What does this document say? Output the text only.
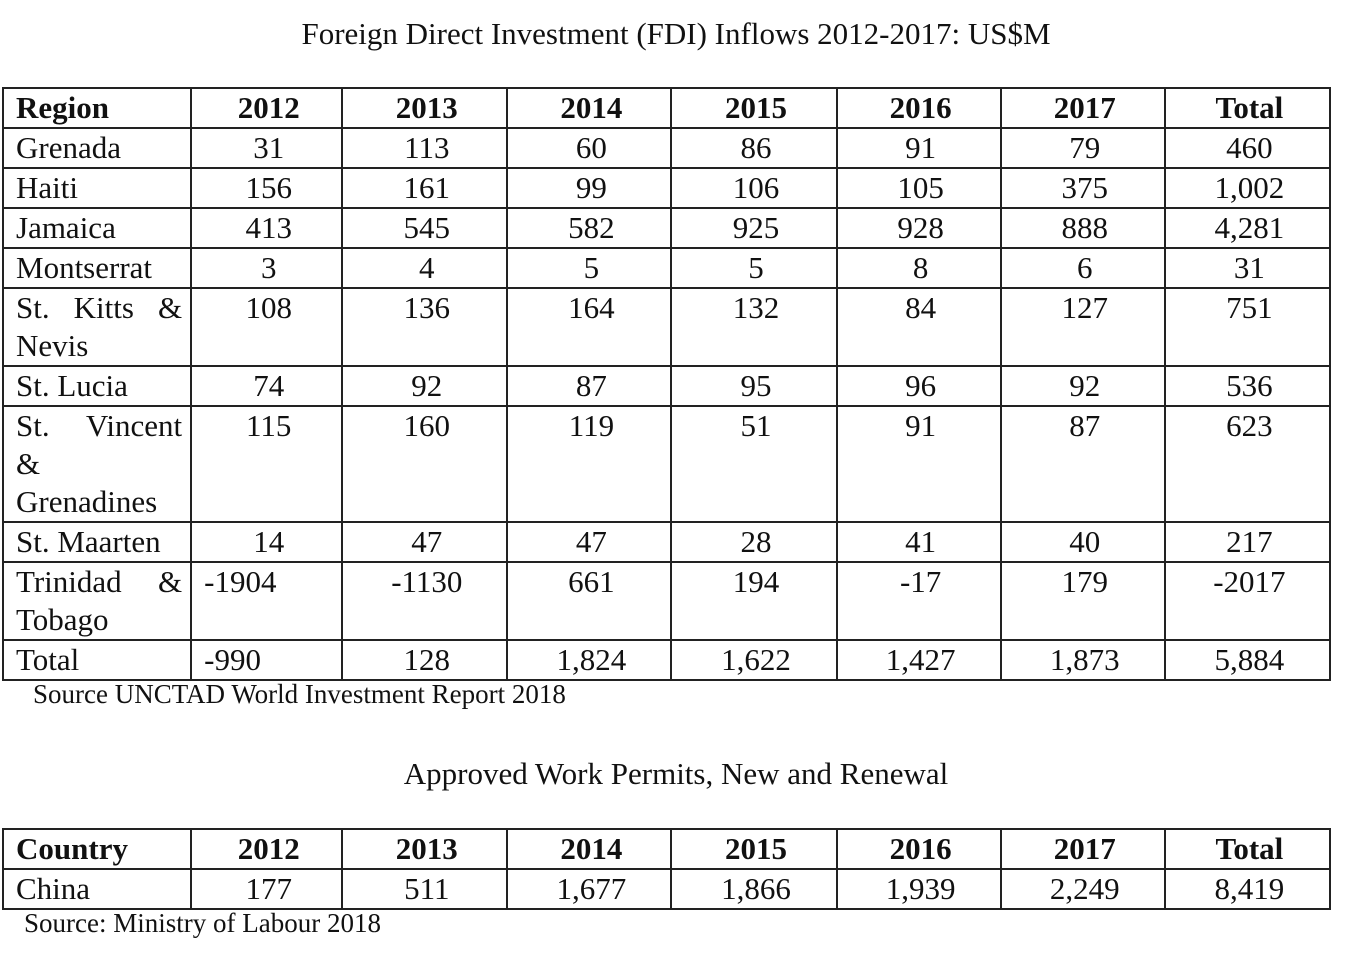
Foreign Direct Investment (FDI) Inflows 2012-2017: US$M
Region	2012	2013	2014	2015	2016	2017	Total
Grenada	31	113	60	86	91	79	460
Haiti	156	161	99	106	105	375	1,002
Jamaica	413	545	582	925	928	888	4,281
Montserrat	3	4	5	5	8	6	31
St. Kitts & Nevis	108	136	164	132	84	127	751
St. Lucia	74	92	87	95	96	92	536
St. Vincent & Grenadines	115	160	119	51	91	87	623
St. Maarten	14	47	47	28	41	40	217
Trinidad & Tobago	-1904	-1130	661	194	-17	179	-2017
Total	-990	128	1,824	1,622	1,427	1,873	5,884

Source UNCTAD World Investment Report 2018

Approved Work Permits, New and Renewal
Country	2012	2013	2014	2015	2016	2017	Total
China	177	511	1,677	1,866	1,939	2,249	8,419

Source: Ministry of Labour 2018
